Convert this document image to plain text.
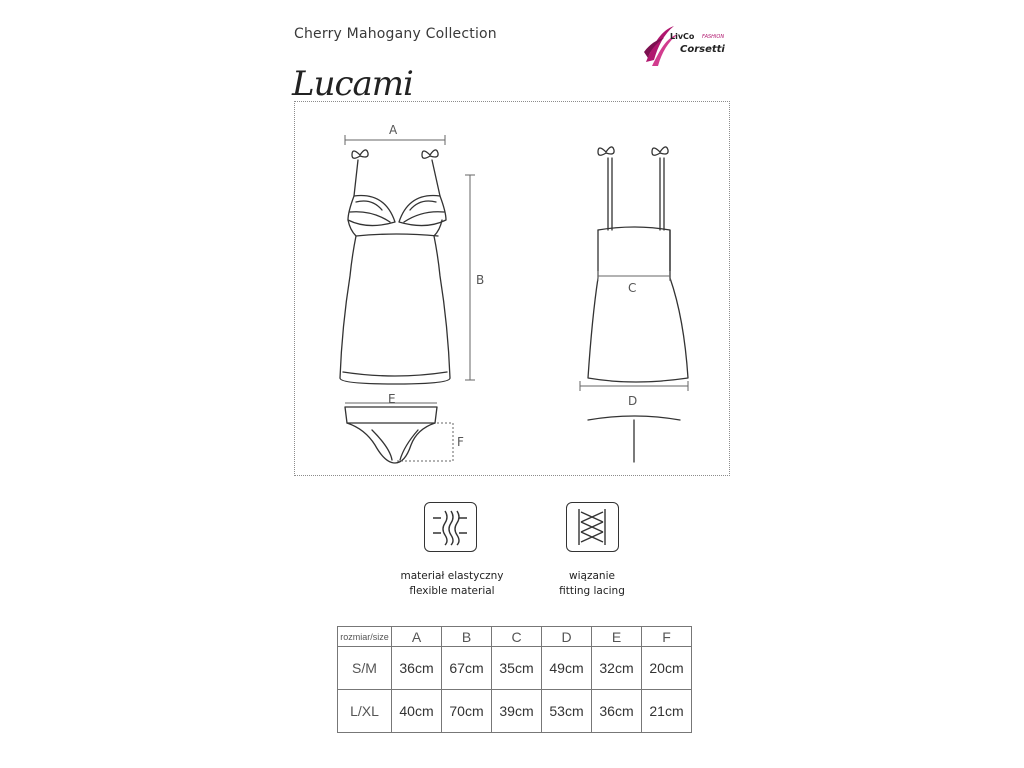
Cherry Mahogany Collection	LivCo FASHION
Corsetti
Lucami
A
B
C
D
E
F
materiał elastyczny
flexible material
wiązanie
fitting lacing
rozmiar/size	A	B	C	D	E	F
S/M	36cm	67cm	35cm	49cm	32cm	20cm
L/XL	40cm	70cm	39cm	53cm	36cm	21cm
